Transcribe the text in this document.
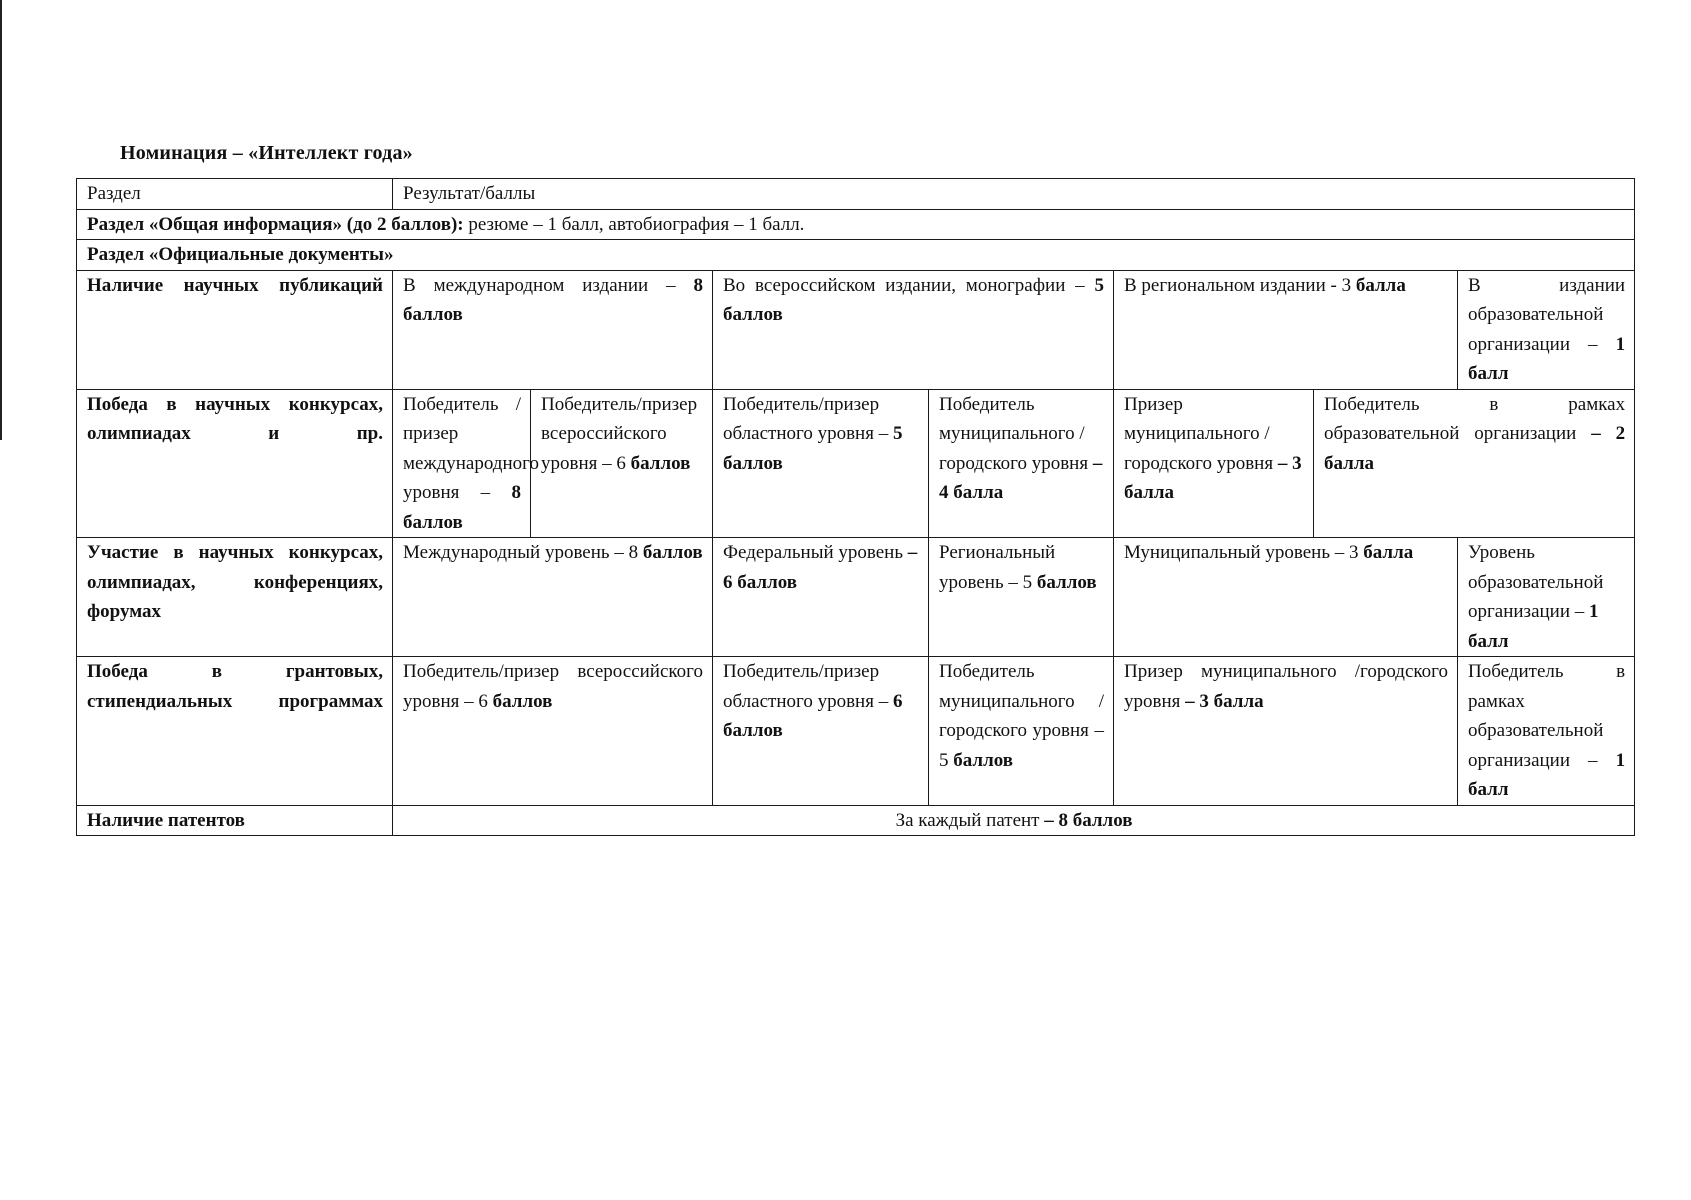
Номинация – «Интеллект года»
Раздел	Результат/баллы						
Раздел «Общая информация» (до 2 баллов): резюме – 1 балл, автобиография – 1 балл.							
Раздел «Официальные документы»							
Наличие научных публикаций	В международном издании – 8 баллов		Во всероссийском издании, монографии – 5 баллов		В региональном издании - 3 балла		В издании образовательной организации – 1 балл
Победа в научных конкурсах, олимпиадах и пр.	Победитель /призер международного уровня – 8 баллов	Победитель/призер всероссийского уровня – 6 баллов	Победитель/призер областного уровня – 5 баллов	Победитель муниципального /городского уровня – 4 балла	Призер муниципального /городского уровня – 3 балла	Победитель в рамках образовательной организации – 2 балла	
Участие в научных конкурсах, олимпиадах, конференциях, форумах	Международный уровень – 8 баллов		Федеральный уровень – 6 баллов	Региональный уровень – 5 баллов	Муниципальный уровень – 3 балла		Уровень образовательной организации – 1 балл
Победа в грантовых, стипендиальных программах	Победитель/призер всероссийского уровня – 6 баллов		Победитель/призер областного уровня – 6 баллов	Победитель муниципального /городского уровня – 5 баллов	Призер муниципального /городского уровня – 3 балла		Победитель в рамках образовательной организации – 1 балл
Наличие патентов	За каждый патент – 8 баллов						
